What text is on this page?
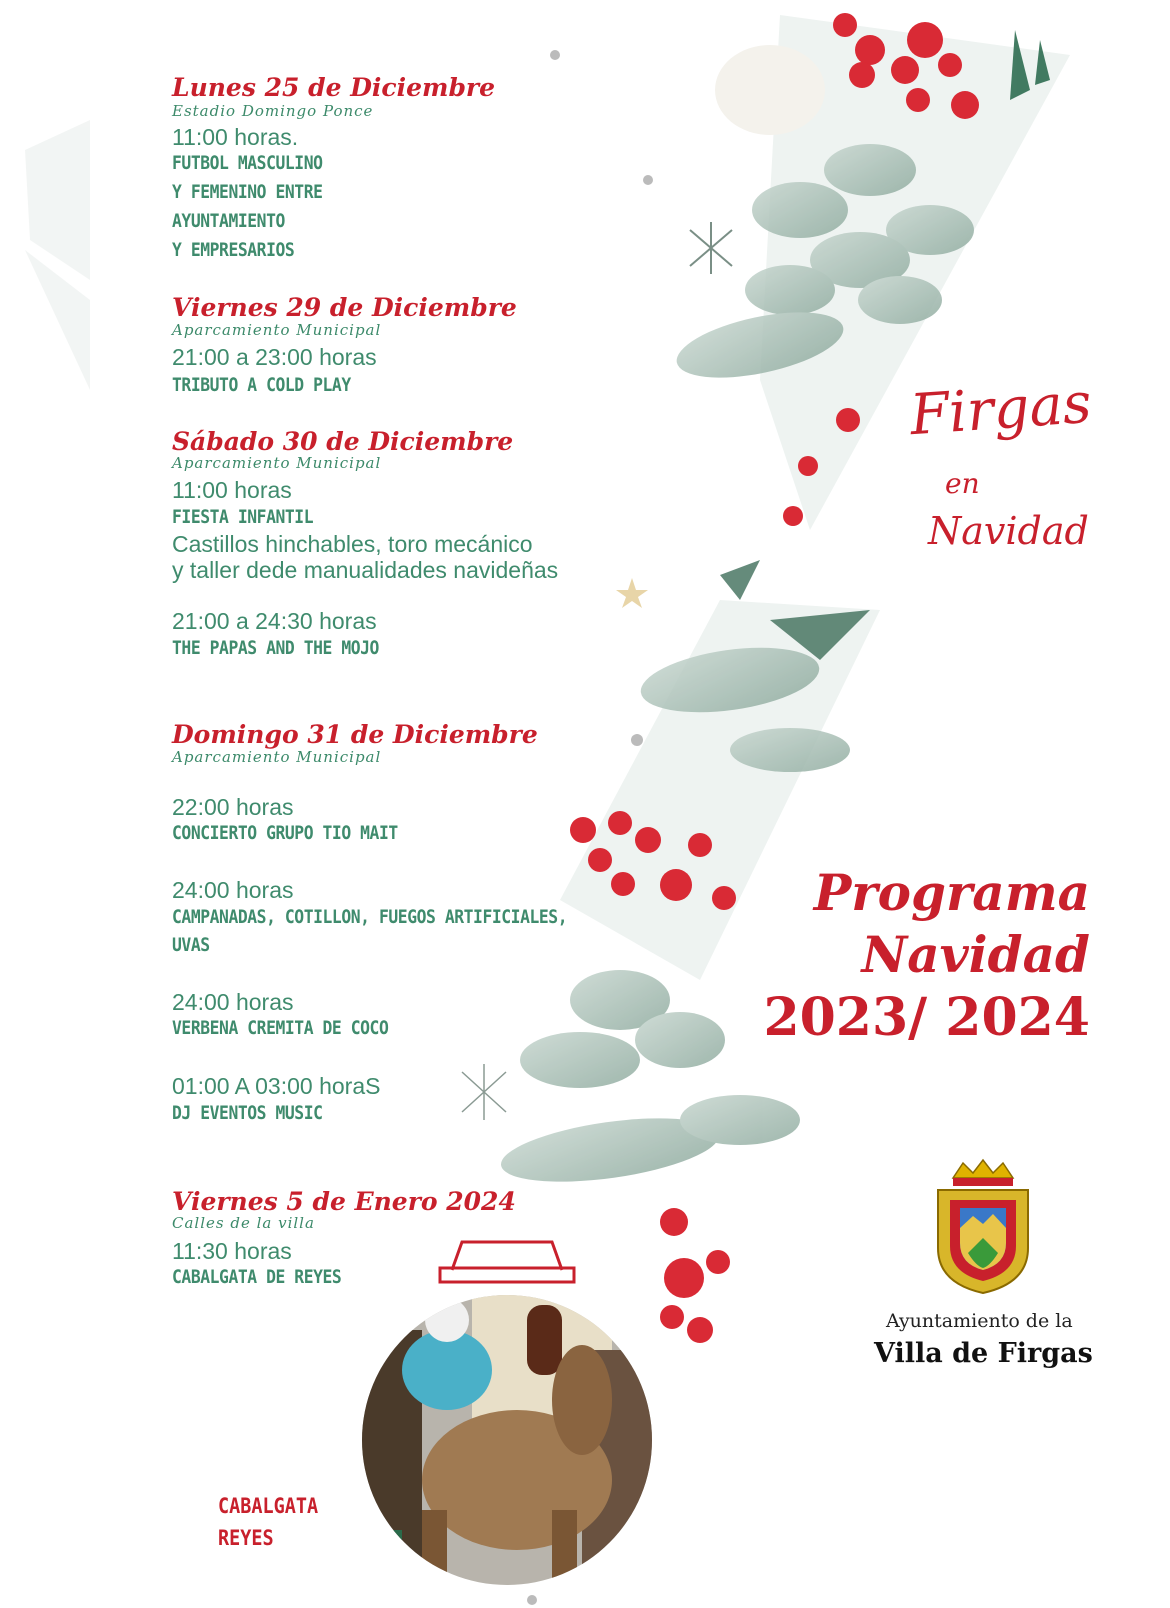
Firgas
en
Navidad
Lunes 25 de Diciembre
Estadio Domingo Ponce
11:00 horas.
FUTBOL MASCULINO
Y FEMENINO ENTRE
AYUNTAMIENTO
Y EMPRESARIOS
Viernes 29 de Diciembre
Aparcamiento Municipal
21:00 a 23:00 horas
TRIBUTO A COLD PLAY
Sábado 30 de Diciembre
Aparcamiento Municipal
11:00 horas
FIESTA INFANTIL
Castillos hinchables, toro mecánico
y taller dede manualidades navideñas
21:00 a 24:30 horas
THE PAPAS AND THE MOJO
Domingo 31 de Diciembre
Aparcamiento Municipal
22:00 horas
CONCIERTO GRUPO TIO MAIT
24:00 horas
CAMPANADAS, COTILLON, FUEGOS ARTIFICIALES,
UVAS
24:00 horas
VERBENA CREMITA DE COCO
01:00 A 03:00 horaS
DJ EVENTOS MUSIC
Viernes 5 de Enero 2024
Calles de la villa
11:30 horas
CABALGATA DE REYES
Programa
Navidad
2023/ 2024
Ayuntamiento de la
Villa de Firgas
CABALGATA
REYES
